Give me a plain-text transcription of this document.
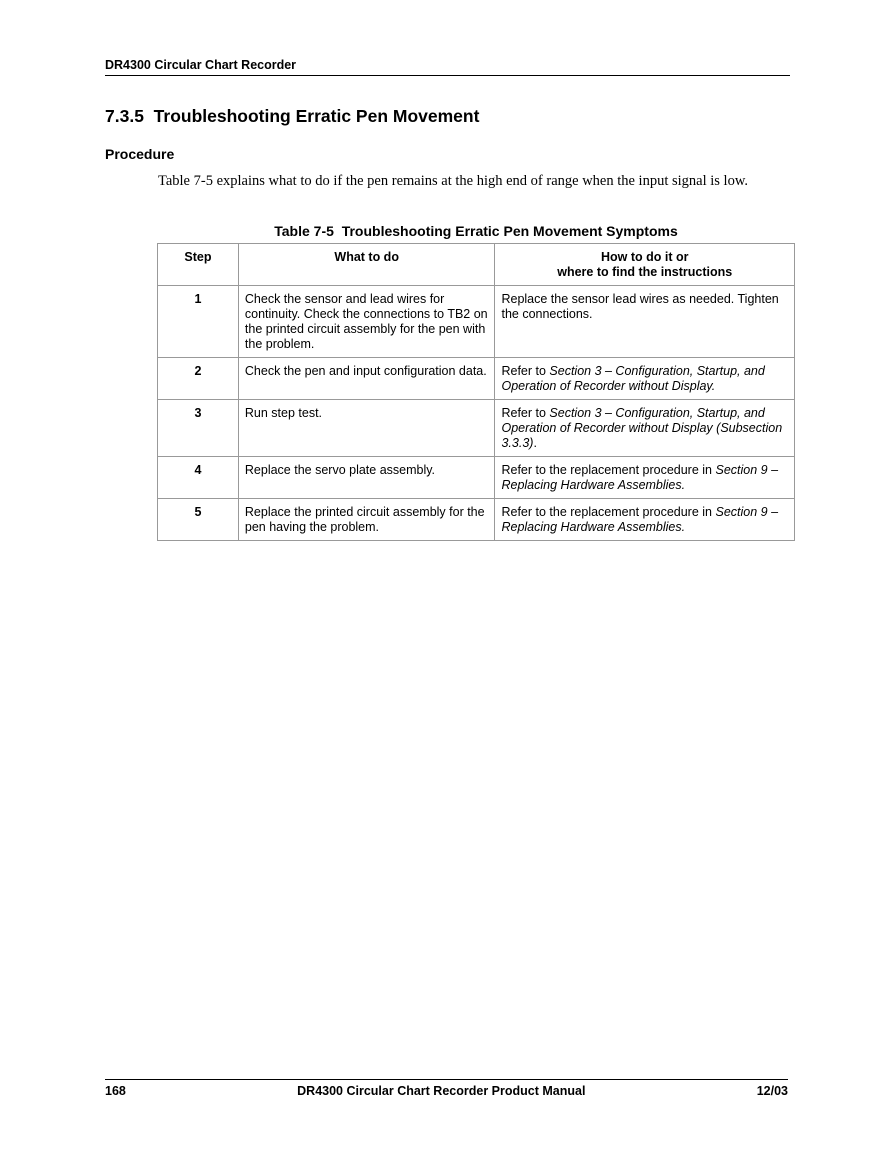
DR4300 Circular Chart Recorder
7.3.5 Troubleshooting Erratic Pen Movement
Procedure
Table 7-5 explains what to do if the pen remains at the high end of range when the input signal is low.
Table 7-5 Troubleshooting Erratic Pen Movement Symptoms
Step	What to do	How to do it or
where to find the instructions
1	Check the sensor and lead wires for continuity. Check the connections to TB2 on the printed circuit assembly for the pen with the problem.	Replace the sensor lead wires as needed. Tighten the connections.
2	Check the pen and input configuration data.	Refer to Section 3 – Configuration, Startup, and Operation of Recorder without Display.
3	Run step test.	Refer to Section 3 – Configuration, Startup, and Operation of Recorder without Display (Subsection 3.3.3).
4	Replace the servo plate assembly.	Refer to the replacement procedure in Section 9 – Replacing Hardware Assemblies.
5	Replace the printed circuit assembly for the pen having the problem.	Refer to the replacement procedure in Section 9 – Replacing Hardware Assemblies.
168	DR4300 Circular Chart Recorder Product Manual	12/03
